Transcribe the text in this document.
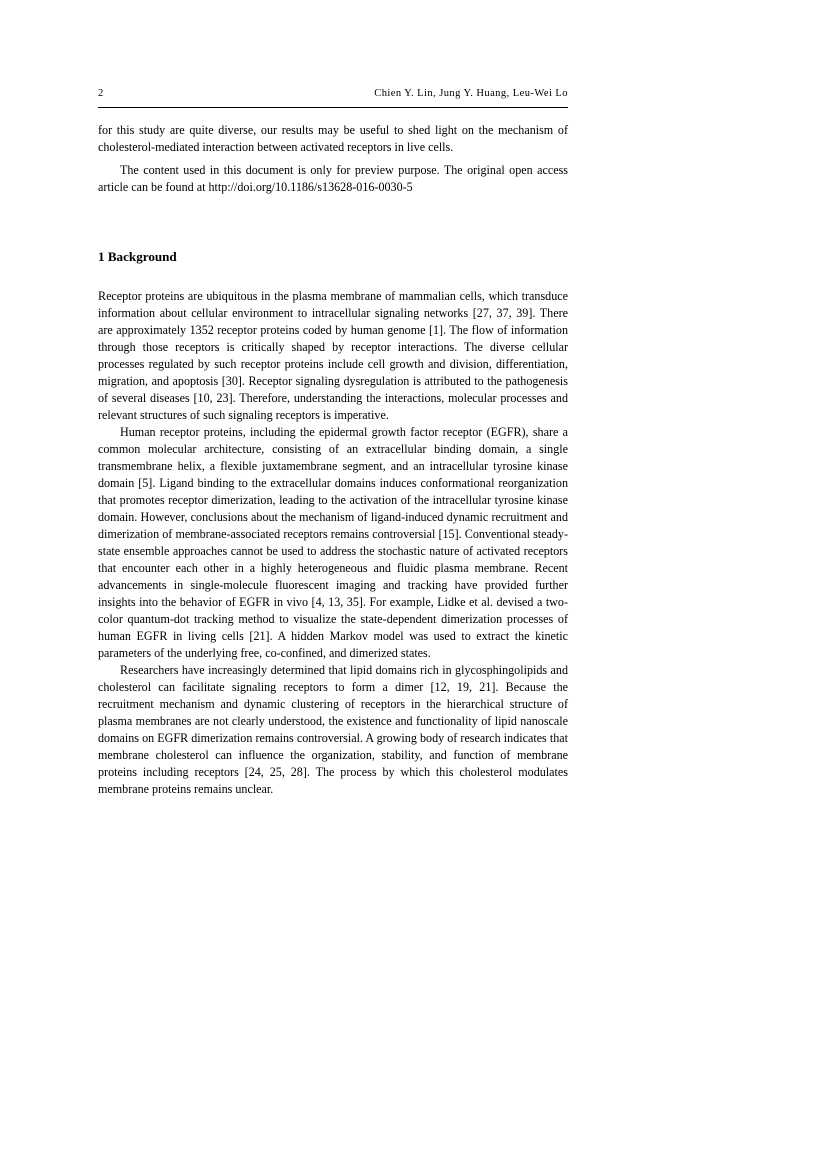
2	Chien Y. Lin, Jung Y. Huang, Leu-Wei Lo

for this study are quite diverse, our results may be useful to shed light on the mechanism of cholesterol-mediated interaction between activated receptors in live cells.

The content used in this document is only for preview purpose. The original open access article can be found at http://doi.org/10.1186/s13628-016-0030-5

1 Background

Receptor proteins are ubiquitous in the plasma membrane of mammalian cells, which transduce information about cellular environment to intracellular signaling networks [27, 37, 39]. There are approximately 1352 receptor proteins coded by human genome [1]. The flow of information through those receptors is critically shaped by receptor interactions. The diverse cellular processes regulated by such receptor proteins include cell growth and division, differentiation, migration, and apoptosis [30]. Receptor signaling dysregulation is attributed to the pathogenesis of several diseases [10, 23]. Therefore, understanding the interactions, molecular processes and relevant structures of such signaling receptors is imperative.

Human receptor proteins, including the epidermal growth factor receptor (EGFR), share a common molecular architecture, consisting of an extracellular binding domain, a single transmembrane helix, a flexible juxtamembrane segment, and an intracellular tyrosine kinase domain [5]. Ligand binding to the extracellular domains induces conformational reorganization that promotes receptor dimerization, leading to the activation of the intracellular tyrosine kinase domain. However, conclusions about the mechanism of ligand-induced dynamic recruitment and dimerization of membrane-associated receptors remains controversial [15]. Conventional steady-state ensemble approaches cannot be used to address the stochastic nature of activated receptors that encounter each other in a highly heterogeneous and fluidic plasma membrane. Recent advancements in single-molecule fluorescent imaging and tracking have provided further insights into the behavior of EGFR in vivo [4, 13, 35]. For example, Lidke et al. devised a two-color quantum-dot tracking method to visualize the state-dependent dimerization processes of human EGFR in living cells [21]. A hidden Markov model was used to extract the kinetic parameters of the underlying free, co-confined, and dimerized states.

Researchers have increasingly determined that lipid domains rich in glycosphingolipids and cholesterol can facilitate signaling receptors to form a dimer [12, 19, 21]. Because the recruitment mechanism and dynamic clustering of receptors in the hierarchical structure of plasma membranes are not clearly understood, the existence and functionality of lipid nanoscale domains on EGFR dimerization remains controversial. A growing body of research indicates that membrane cholesterol can influence the organization, stability, and function of membrane proteins including receptors [24, 25, 28]. The process by which this cholesterol modulates membrane proteins remains unclear.
